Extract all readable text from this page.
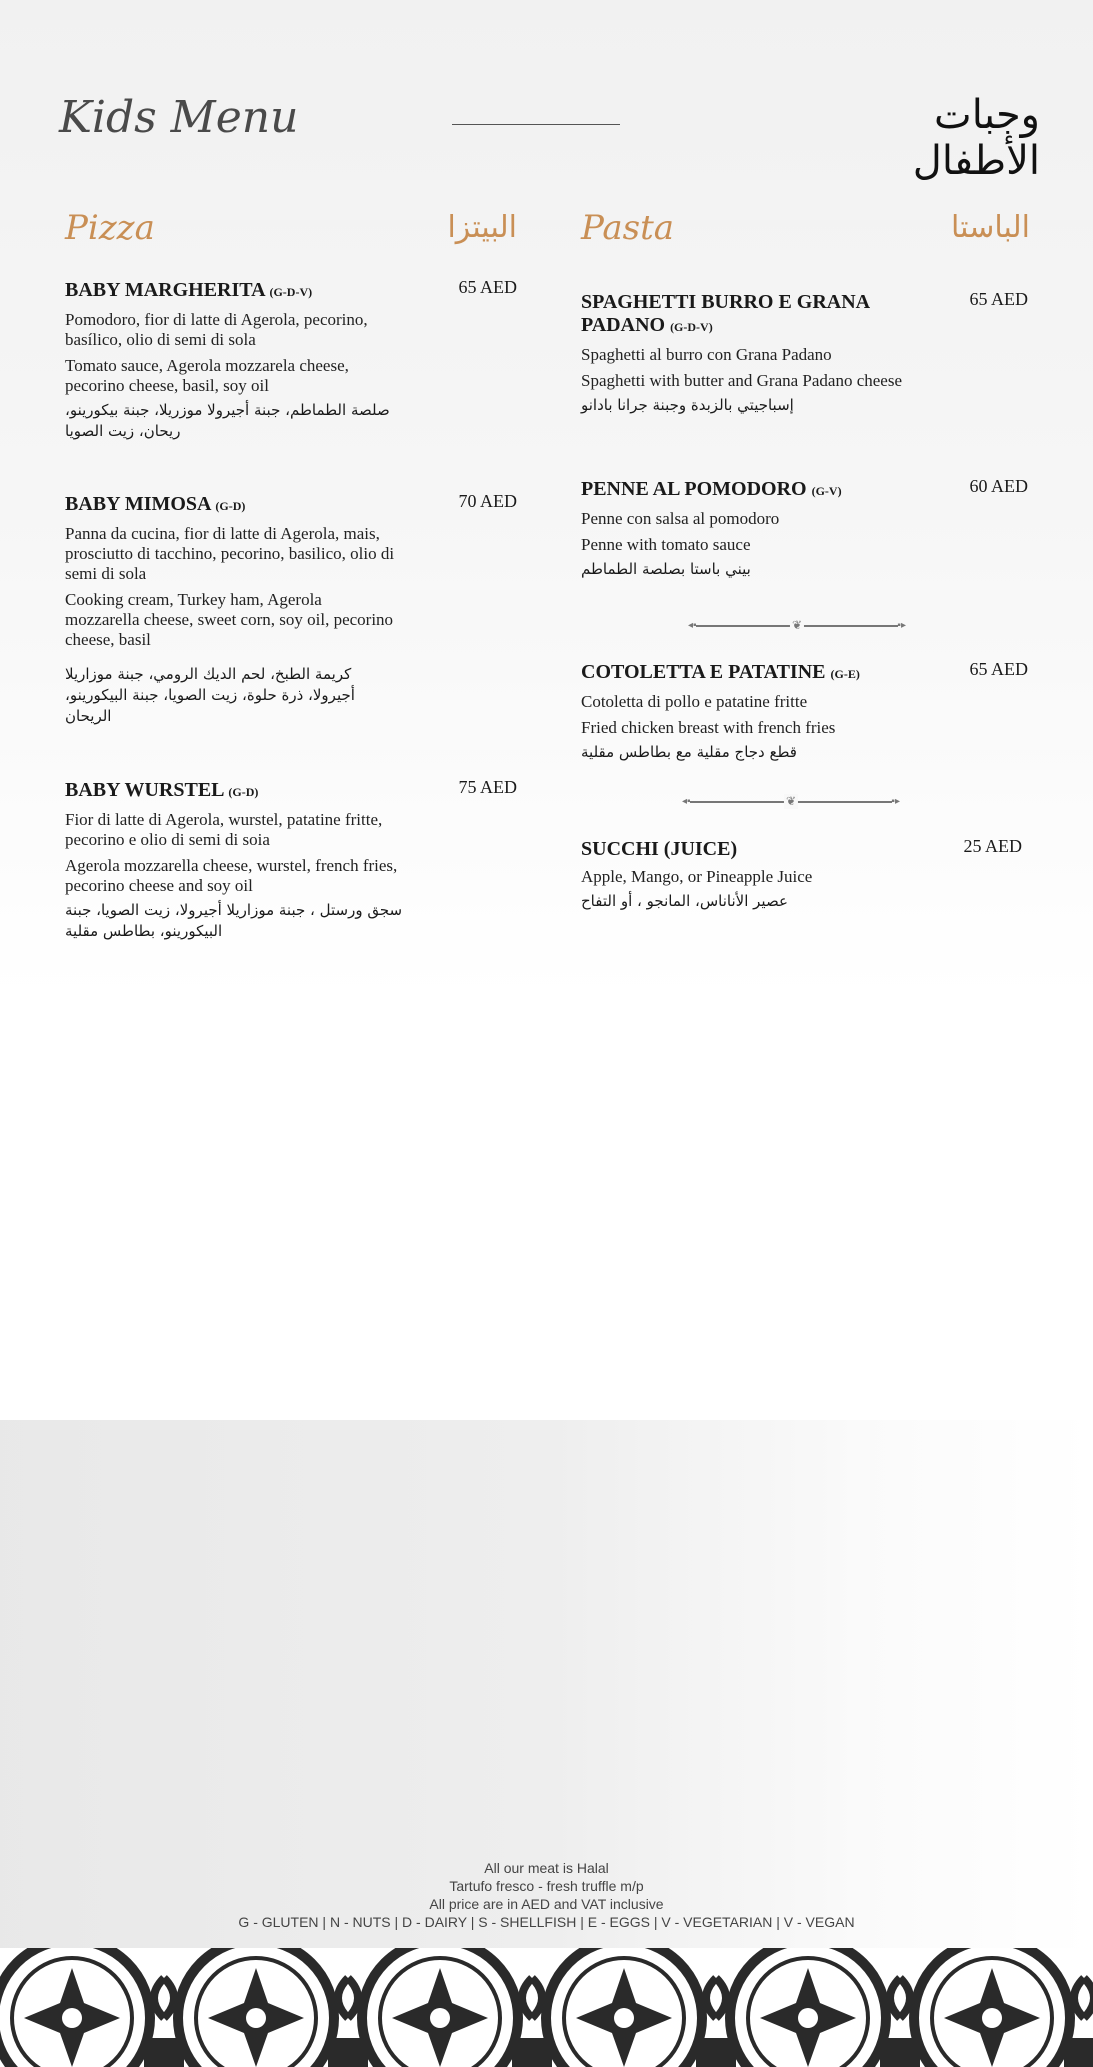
Kids Menu	وجبات الأطفال
Pizza	البيتزا Pasta	الباستا
BABY MARGHERITA (G-D-V)
Pomodoro, fior di latte di Agerola, pecorino, basílico, olio di semi di sola
Tomato sauce, Agerola mozzarela cheese, pecorino cheese, basil, soy oil
صلصة الطماطم، جبنة أجيرولا موزريلا، جبنة بيكورينو، ريحان، زيت الصويا
65 AED
BABY MIMOSA (G-D)
Panna da cucina, fior di latte di Agerola, mais, prosciutto di tacchino, pecorino, basilico, olio di semi di sola
Cooking cream, Turkey ham, Agerola mozzarella cheese, sweet corn, soy oil, pecorino cheese, basil
كريمة الطبخ، لحم الديك الرومي، جبنة موزاريلا أجيرولا، ذرة حلوة، زيت الصويا، جبنة البيكورينو، الريحان
70 AED
BABY WURSTEL (G-D)
Fior di latte di Agerola, wurstel, patatine fritte, pecorino e olio di semi di soia
Agerola mozzarella cheese, wurstel, french fries, pecorino cheese and soy oil
سجق ورستل ، جبنة موزاريلا أجيرولا، زيت الصويا، جبنة البيكورينو، بطاطس مقلية
75 AED
SPAGHETTI BURRO E GRANA PADANO (G-D-V)
Spaghetti al burro con Grana Padano
Spaghetti with butter and Grana Padano cheese
إسباجيتي بالزبدة وجبنة جرانا بادانو
65 AED
PENNE AL POMODORO (G-V)
Penne con salsa al pomodoro
Penne with tomato sauce
بيني باستا بصلصة الطماطم
60 AED
◂▪	❦	▪▸
COTOLETTA E PATATINE (G-E)
Cotoletta di pollo e patatine fritte
Fried chicken breast with french fries
قطع دجاج مقلية مع بطاطس مقلية
65 AED
◂▪	❦	▪▸
SUCCHI (JUICE)
Apple, Mango, or Pineapple Juice
عصير الأناناس، المانجو ، أو التفاح
25 AED
All our meat is Halal
Tartufo fresco - fresh truffle m/p
All price are in AED and VAT inclusive
G - GLUTEN | N - NUTS | D - DAIRY | S - SHELLFISH | E - EGGS | V - VEGETARIAN | V - VEGAN
